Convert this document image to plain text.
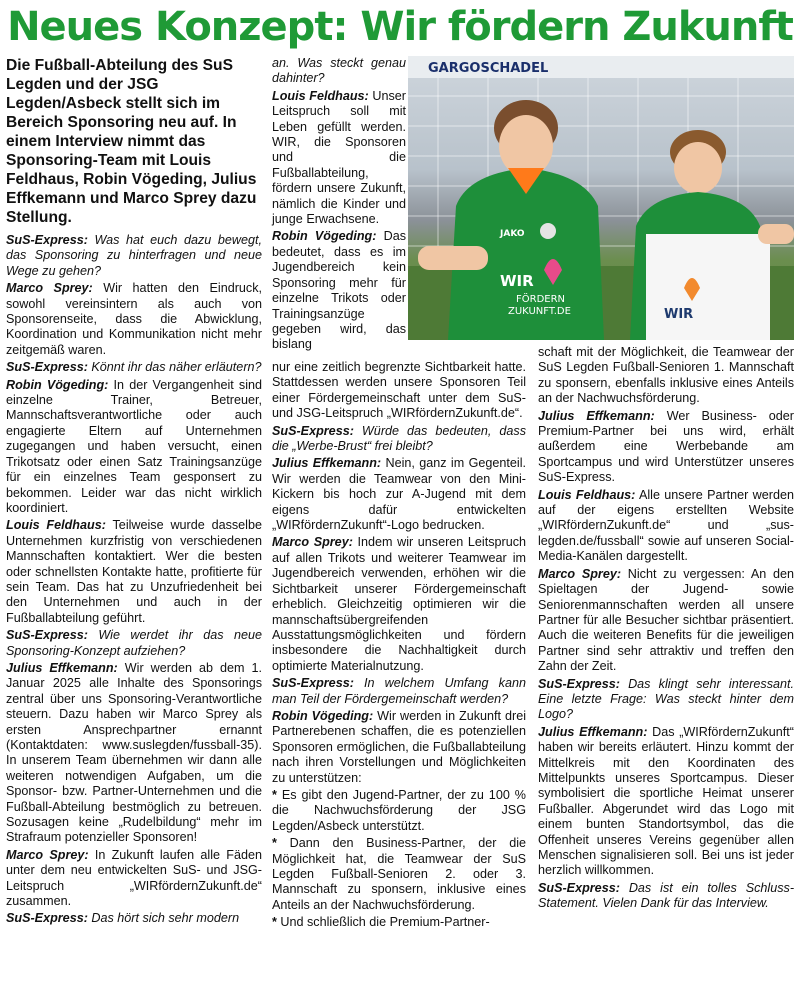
Neues Konzept: Wir fördern Zukunft

Die Fußball-Abteilung des SuS Legden und der JSG Legden/Asbeck stellt sich im Bereich Sponsoring neu auf. In einem Interview nimmt das Sponsoring-Team mit Louis Feldhaus, Robin Vögeding, Julius Effkemann und Marco Sprey dazu Stellung.

SuS-Express: Was hat euch dazu bewegt, das Sponsoring zu hinterfragen und neue Wege zu gehen?

Marco Sprey: Wir hatten den Eindruck, sowohl vereinsintern als auch von Sponsorenseite, dass die Abwicklung, Koordination und Kommunikation nicht mehr zeitgemäß waren.

SuS-Express: Könnt ihr das näher erläutern?

Robin Vögeding: In der Vergangenheit sind einzelne Trainer, Betreuer, Mannschaftsverantwortliche oder auch engagierte Eltern auf Unternehmen zugegangen und haben versucht, einen Trikotsatz oder einen Satz Trainingsanzüge für ein einzelnes Team gesponsert zu bekommen. Leider war das nicht wirklich koordiniert.

Louis Feldhaus: Teilweise wurde dasselbe Unternehmen kurzfristig von verschiedenen Mannschaften kontaktiert. Wer die besten oder schnellsten Kontakte hatte, profitierte für sein Team. Das hat zu Unzufriedenheit bei den Unternehmen und auch in der Fußballabteilung geführt.

SuS-Express: Wie werdet ihr das neue Sponsoring-Konzept aufziehen?

Julius Effkemann: Wir werden ab dem 1. Januar 2025 alle Inhalte des Sponsorings zentral über uns Sponsoring-Verantwortliche steuern. Dazu haben wir Marco Sprey als ersten Ansprechpartner ernannt (Kontaktdaten: www.suslegden/fussball-35). In unserem Team übernehmen wir dann alle weiteren notwendigen Aufgaben, um die Sponsor- bzw. Partner-Unternehmen und die Fußball-Abteilung bestmöglich zu betreuen. Sozusagen keine „Rudelbildung“ mehr im Strafraum potenzieller Sponsoren!

Marco Sprey: In Zukunft laufen alle Fäden unter dem neu entwickelten SuS- und JSG-Leitspruch „WIRfördernZukunft.de“ zusammen.

SuS-Express: Das hört sich sehr modern

an. Was steckt genau dahinter?

Louis Feldhaus: Unser Leitspruch soll mit Leben gefüllt werden. WIR, die Sponsoren und die Fußballabteilung, fördern unsere Zukunft, nämlich die Kinder und junge Erwachsene.

Robin Vögeding: Das bedeutet, dass es im Jugendbereich kein Sponsoring mehr für einzelne Trikots oder Trainingsanzüge gegeben wird, das bislang

GARGOSCHADEL
JAKO
WIR
FÖRDERN
ZUKUNFT.DE	WIR

nur eine zeitlich begrenzte Sichtbarkeit hatte. Stattdessen werden unsere Sponsoren Teil einer Fördergemeinschaft unter dem SuS- und JSG-Leitspruch „WIRfördernZukunft.de“.

SuS-Express: Würde das bedeuten, dass die „Werbe-Brust“ frei bleibt?

Julius Effkemann: Nein, ganz im Gegenteil. Wir werden die Teamwear von den Mini-Kickern bis hoch zur A-Jugend mit dem eigens dafür entwickelten „WIRfördernZukunft“-Logo bedrucken.

Marco Sprey: Indem wir unseren Leitspruch auf allen Trikots und weiterer Teamwear im Jugendbereich verwenden, erhöhen wir die Sichtbarkeit unserer Fördergemeinschaft erheblich. Gleichzeitig optimieren wir die mannschaftsübergreifenden Ausstattungsmöglichkeiten und fördern insbesondere die Nachhaltigkeit durch optimierte Materialnutzung.

SuS-Express: In welchem Umfang kann man Teil der Fördergemeinschaft werden?

Robin Vögeding: Wir werden in Zukunft drei Partnerebenen schaffen, die es potenziellen Sponsoren ermöglichen, die Fußballabteilung nach ihren Vorstellungen und Möglichkeiten zu unterstützen:

* Es gibt den Jugend-Partner, der zu 100 % die Nachwuchsförderung der JSG Legden/Asbeck unterstützt.

* Dann den Business-Partner, der die Möglichkeit hat, die Teamwear der SuS Legden Fußball-Senioren 2. oder 3. Mannschaft zu sponsern, inklusive eines Anteils an der Nachwuchsförderung.

* Und schließlich die Premium-Partner-

schaft mit der Möglichkeit, die Teamwear der SuS Legden Fußball-Senioren 1. Mannschaft zu sponsern, ebenfalls inklusive eines Anteils an der Nachwuchsförderung.

Julius Effkemann: Wer Business- oder Premium-Partner bei uns wird, erhält außerdem eine Werbebande am Sportcampus und wird Unterstützer unseres SuS-Express.

Louis Feldhaus: Alle unsere Partner werden auf der eigens erstellten Website „WIRfördernZukunft.de“ und „sus-legden.de/fussball“ sowie auf unseren Social-Media-Kanälen dargestellt.

Marco Sprey: Nicht zu vergessen: An den Spieltagen der Jugend- sowie Seniorenmannschaften werden all unsere Partner für alle Besucher sichtbar präsentiert. Auch die weiteren Benefits für die jeweiligen Partner sind sehr attraktiv und treffen den Zahn der Zeit.

SuS-Express: Das klingt sehr interessant. Eine letzte Frage: Was steckt hinter dem Logo?

Julius Effkemann: Das „WIRfördernZukunft“ haben wir bereits erläutert. Hinzu kommt der Mittelkreis mit den Koordinaten des Mittelpunkts unseres Sportcampus. Dieser symbolisiert die sportliche Heimat unserer Fußballer. Abgerundet wird das Logo mit einem bunten Standortsymbol, das die Offenheit unseres Vereins gegenüber allen Menschen signalisieren soll. Bei uns ist jeder herzlich willkommen.

SuS-Express: Das ist ein tolles Schluss-Statement. Vielen Dank für das Interview.
